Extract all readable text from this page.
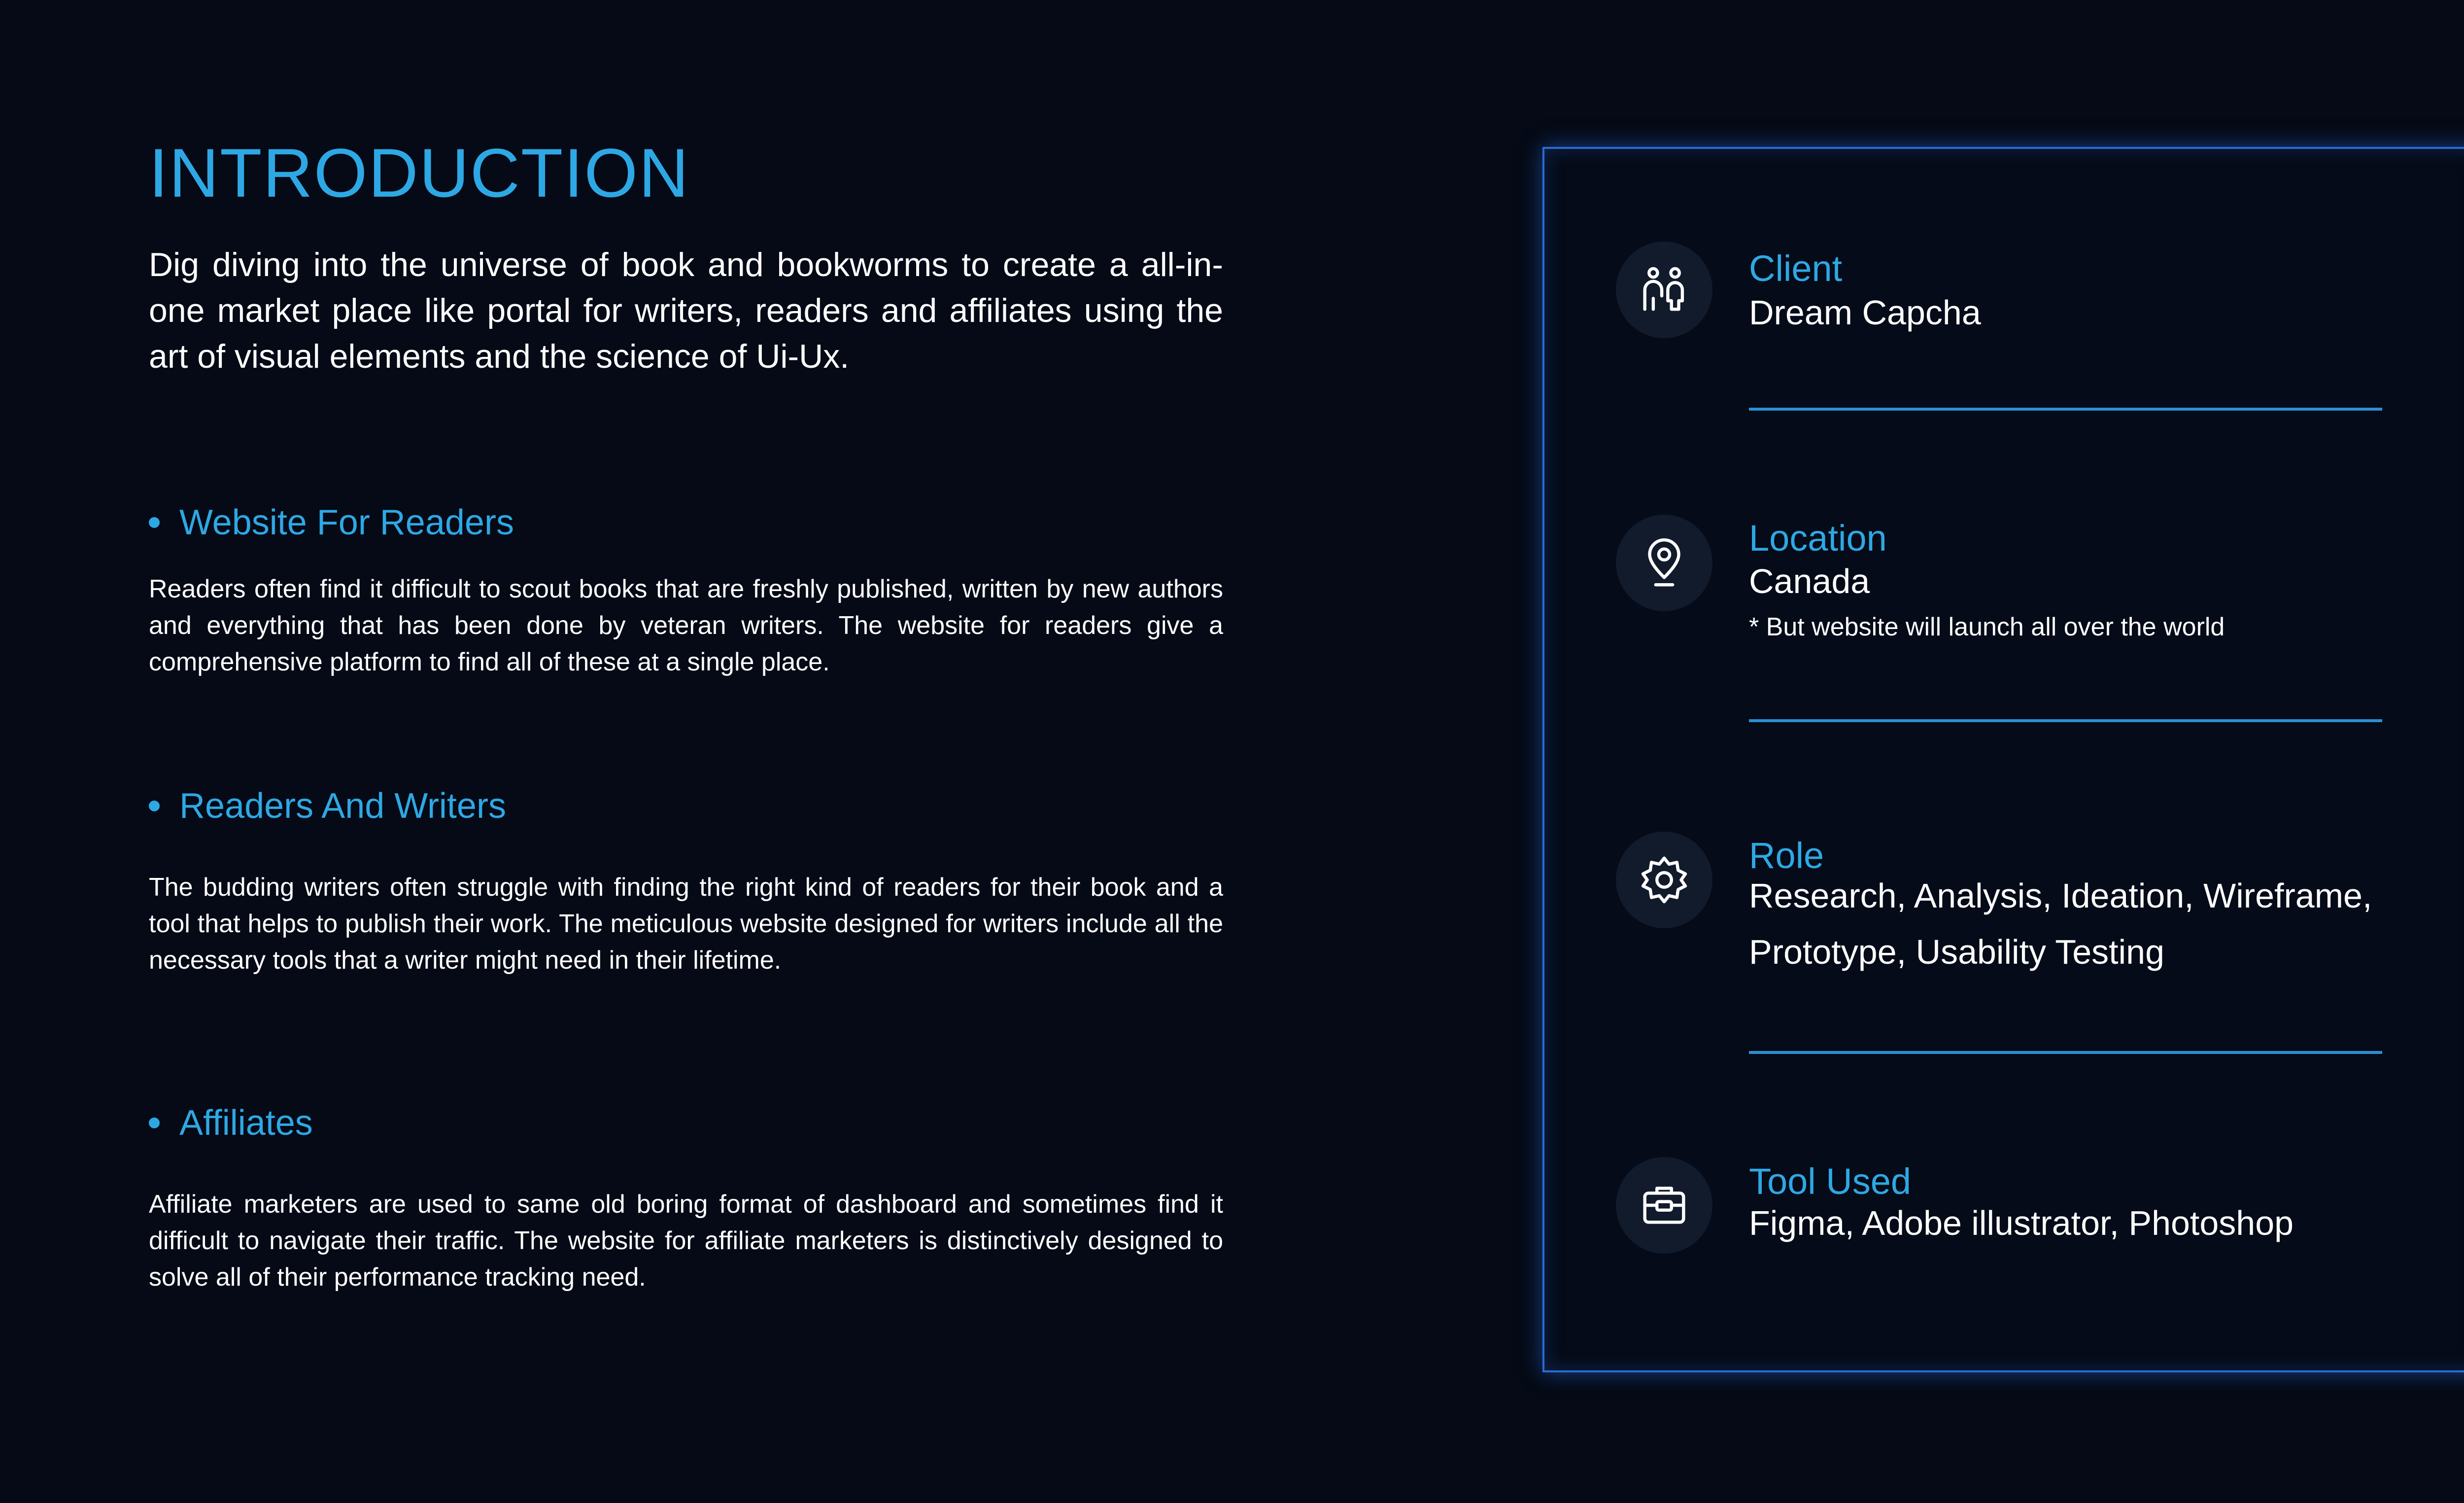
INTRODUCTION

Dig diving into the universe of book and bookworms to create a all-in-one market place like portal for writers, readers and affiliates using the art of visual elements and the science of Ui-Ux.

Website For Readers

Readers often find it difficult to scout books that are freshly published, written by new authors and everything that has been done by veteran writers. The website for readers give a comprehensive platform to find all of these at a single place.

Readers And Writers

The budding writers often struggle with finding the right kind of readers for their book and a tool that helps to publish their work. The meticulous website designed for writers include all the necessary tools that a writer might need in their lifetime.

Affiliates

Affiliate marketers are used to same old boring format of dashboard and sometimes find it difficult to navigate their traffic. The website for affiliate marketers is distinctively designed to solve all of their performance tracking need.

Client
Dream Capcha
Location
Canada
* But website will launch all over the world
Role
Research, Analysis, Ideation, Wireframe, Prototype, Usability Testing
Tool Used
Figma, Adobe illustrator, Photoshop
